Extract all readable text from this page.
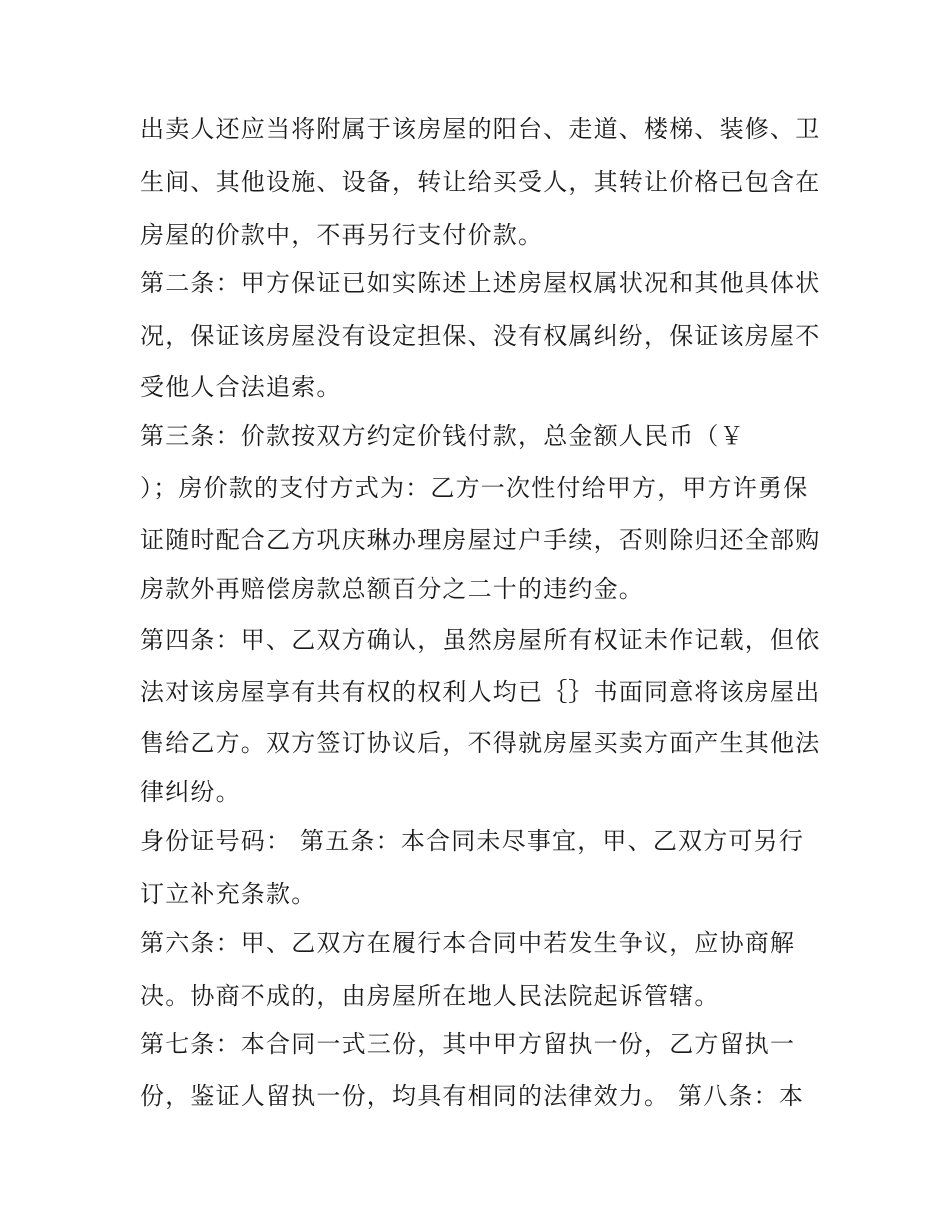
出卖人还应当将附属于该房屋的阳台、走道、楼梯、装修、卫
生间、其他设施、设备，转让给买受人，其转让价格已包含在
房屋的价款中，不再另行支付价款。
第二条：甲方保证已如实陈述上述房屋权属状况和其他具体状
况，保证该房屋没有设定担保、没有权属纠纷，保证该房屋不
受他人合法追索。
第三条：价款按双方约定价钱付款，总金额人民币（￥
）；房价款的支付方式为：乙方一次性付给甲方，甲方许勇保
证随时配合乙方巩庆琳办理房屋过户手续，否则除归还全部购
房款外再赔偿房款总额百分之二十的违约金。
第四条：甲、乙双方确认，虽然房屋所有权证未作记载，但依
法对该房屋享有共有权的权利人均已｛｝书面同意将该房屋出
售给乙方。双方签订协议后，不得就房屋买卖方面产生其他法
律纠纷。
身份证号码： 第五条：本合同未尽事宜，甲、乙双方可另行
订立补充条款。
第六条：甲、乙双方在履行本合同中若发生争议，应协商解
决。协商不成的，由房屋所在地人民法院起诉管辖。
第七条：本合同一式三份，其中甲方留执一份，乙方留执一
份，鉴证人留执一份，均具有相同的法律效力。 第八条：本
